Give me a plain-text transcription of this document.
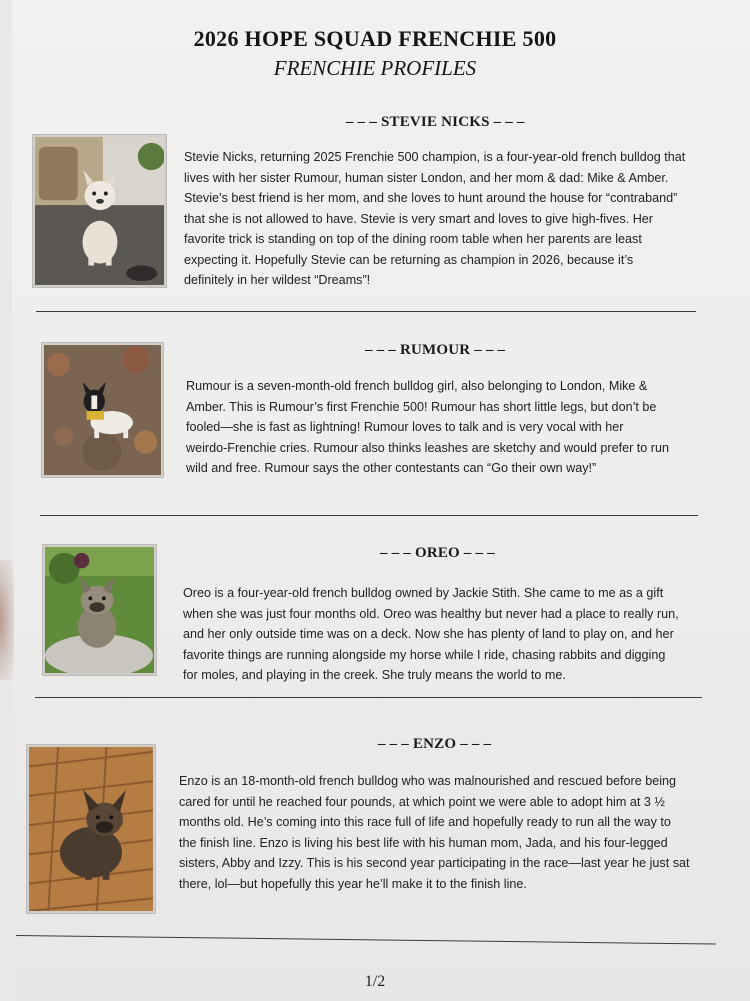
2026 HOPE SQUAD FRENCHIE 500
FRENCHIE PROFILES
– – – STEVIE NICKS – – –
Stevie Nicks, returning 2025 Frenchie 500 champion, is a four-year-old french bulldog that
lives with her sister Rumour, human sister London, and her mom & dad: Mike & Amber.
Stevie’s best friend is her mom, and she loves to hunt around the house for “contraband”
that she is not allowed to have. Stevie is very smart and loves to give high-fives. Her
favorite trick is standing on top of the dining room table when her parents are least
expecting it. Hopefully Stevie can be returning as champion in 2026, because it’s
definitely in her wildest “Dreams”!
– – – RUMOUR – – –
Rumour is a seven-month-old french bulldog girl, also belonging to London, Mike &
Amber. This is Rumour’s first Frenchie 500! Rumour has short little legs, but don’t be
fooled—she is fast as lightning! Rumour loves to talk and is very vocal with her
weirdo-Frenchie cries. Rumour also thinks leashes are sketchy and would prefer to run
wild and free. Rumour says the other contestants can “Go their own way!”
– – – OREO – – –
Oreo is a four-year-old french bulldog owned by Jackie Stith. She came to me as a gift
when she was just four months old. Oreo was healthy but never had a place to really run,
and her only outside time was on a deck. Now she has plenty of land to play on, and her
favorite things are running alongside my horse while I ride, chasing rabbits and digging
for moles, and playing in the creek. She truly means the world to me.
– – – ENZO – – –
Enzo is an 18-month-old french bulldog who was malnourished and rescued before being
cared for until he reached four pounds, at which point we were able to adopt him at 3 ½
months old. He’s coming into this race full of life and hopefully ready to run all the way to
the finish line. Enzo is living his best life with his human mom, Jada, and his four-legged
sisters, Abby and Izzy. This is his second year participating in the race—last year he just sat
there, lol—but hopefully this year he’ll make it to the finish line.
1/2
